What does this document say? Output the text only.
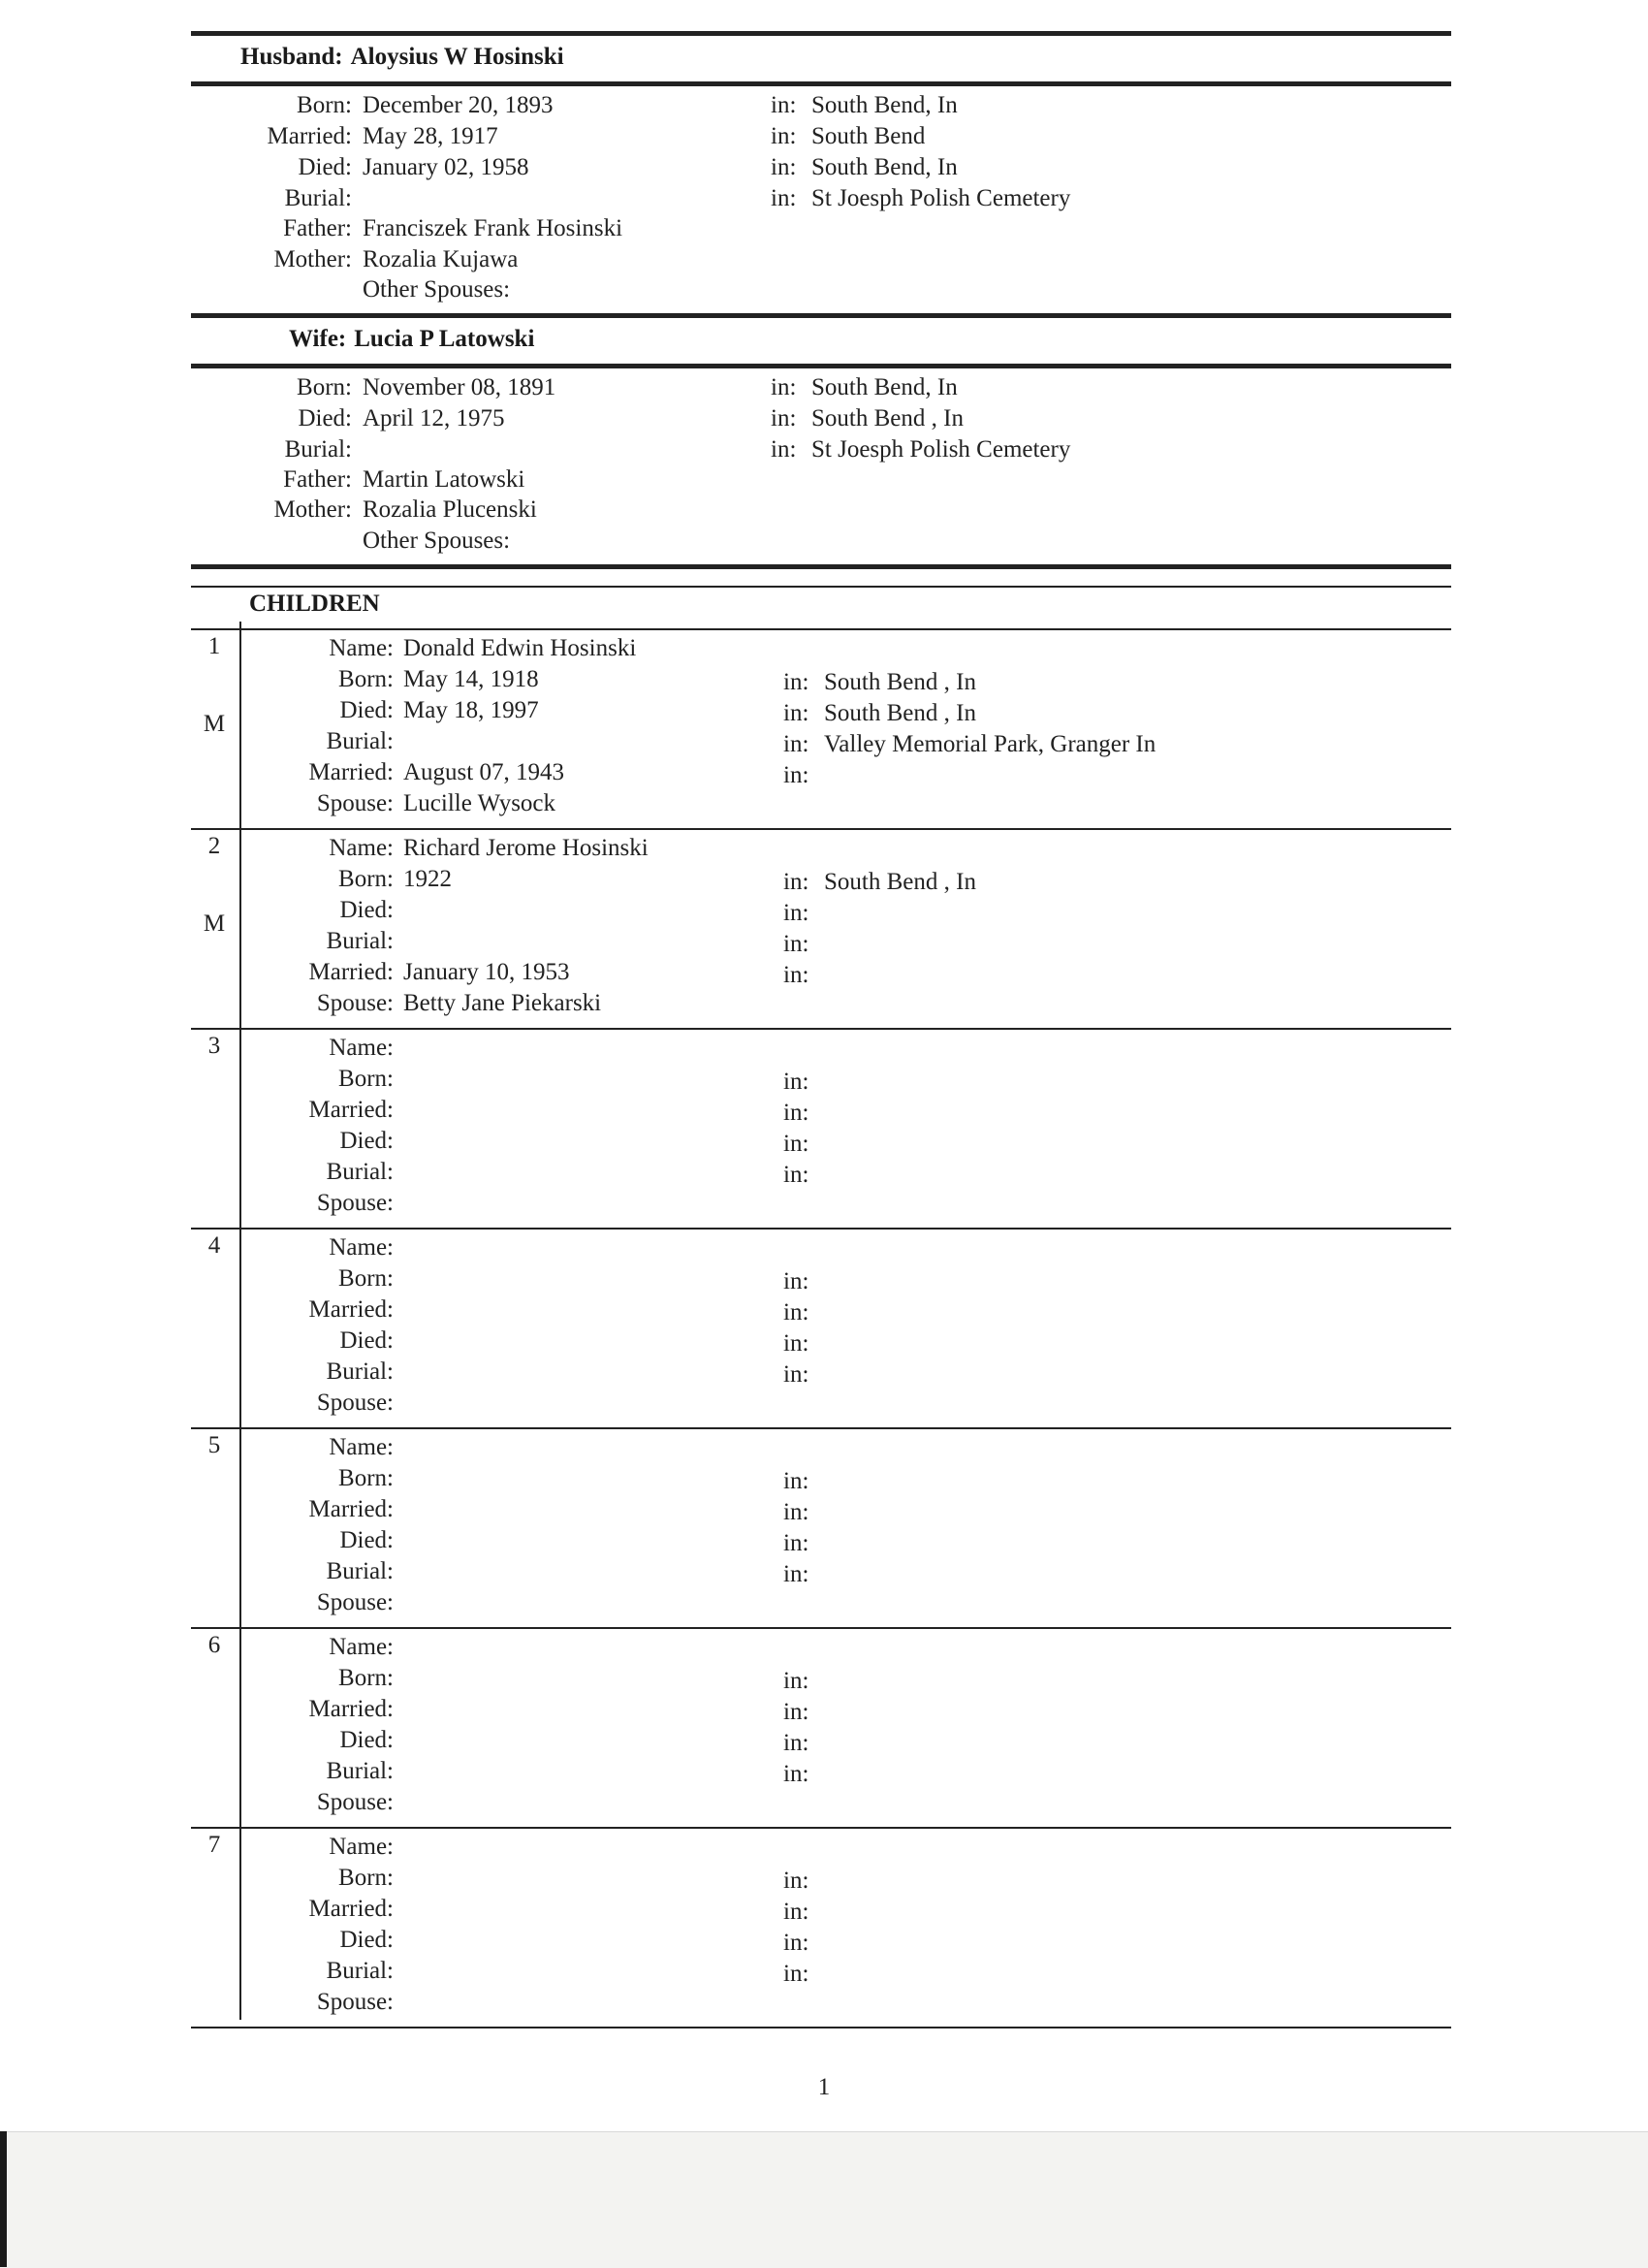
Husband: Aloysius W Hosinski
Born: December 20, 1893	in: South Bend, In
Married: May 28, 1917	in: South Bend
Died: January 02, 1958	in: South Bend, In
Burial:	in: St Joesph Polish Cemetery
Father: Franciszek Frank Hosinski
Mother: Rozalia Kujawa
Other Spouses:
Wife: Lucia P Latowski
Born: November 08, 1891	in: South Bend, In
Died: April 12, 1975	in: South Bend , In
Burial:	in: St Joesph Polish Cemetery
Father: Martin Latowski
Mother: Rozalia Plucenski
Other Spouses:
CHILDREN
1
M
Name: Donald Edwin Hosinski
Born: May 14, 1918	in: South Bend , In
Died: May 18, 1997	in: South Bend , In
Burial:	in: Valley Memorial Park, Granger In
Married: August 07, 1943	in:
Spouse: Lucille Wysock
2
M
Name: Richard Jerome Hosinski
Born: 1922	in: South Bend , In
Died:	in:
Burial:	in:
Married: January 10, 1953	in:
Spouse: Betty Jane Piekarski
3	Name:
Born:	in:
Married:	in:
Died:	in:
Burial:	in:
Spouse:
4	Name:
Born:	in:
Married:	in:
Died:	in:
Burial:	in:
Spouse:
5	Name:
Born:	in:
Married:	in:
Died:	in:
Burial:	in:
Spouse:
6	Name:
Born:	in:
Married:	in:
Died:	in:
Burial:	in:
Spouse:
7	Name:
Born:	in:
Married:	in:
Died:	in:
Burial:	in:
Spouse:
1
